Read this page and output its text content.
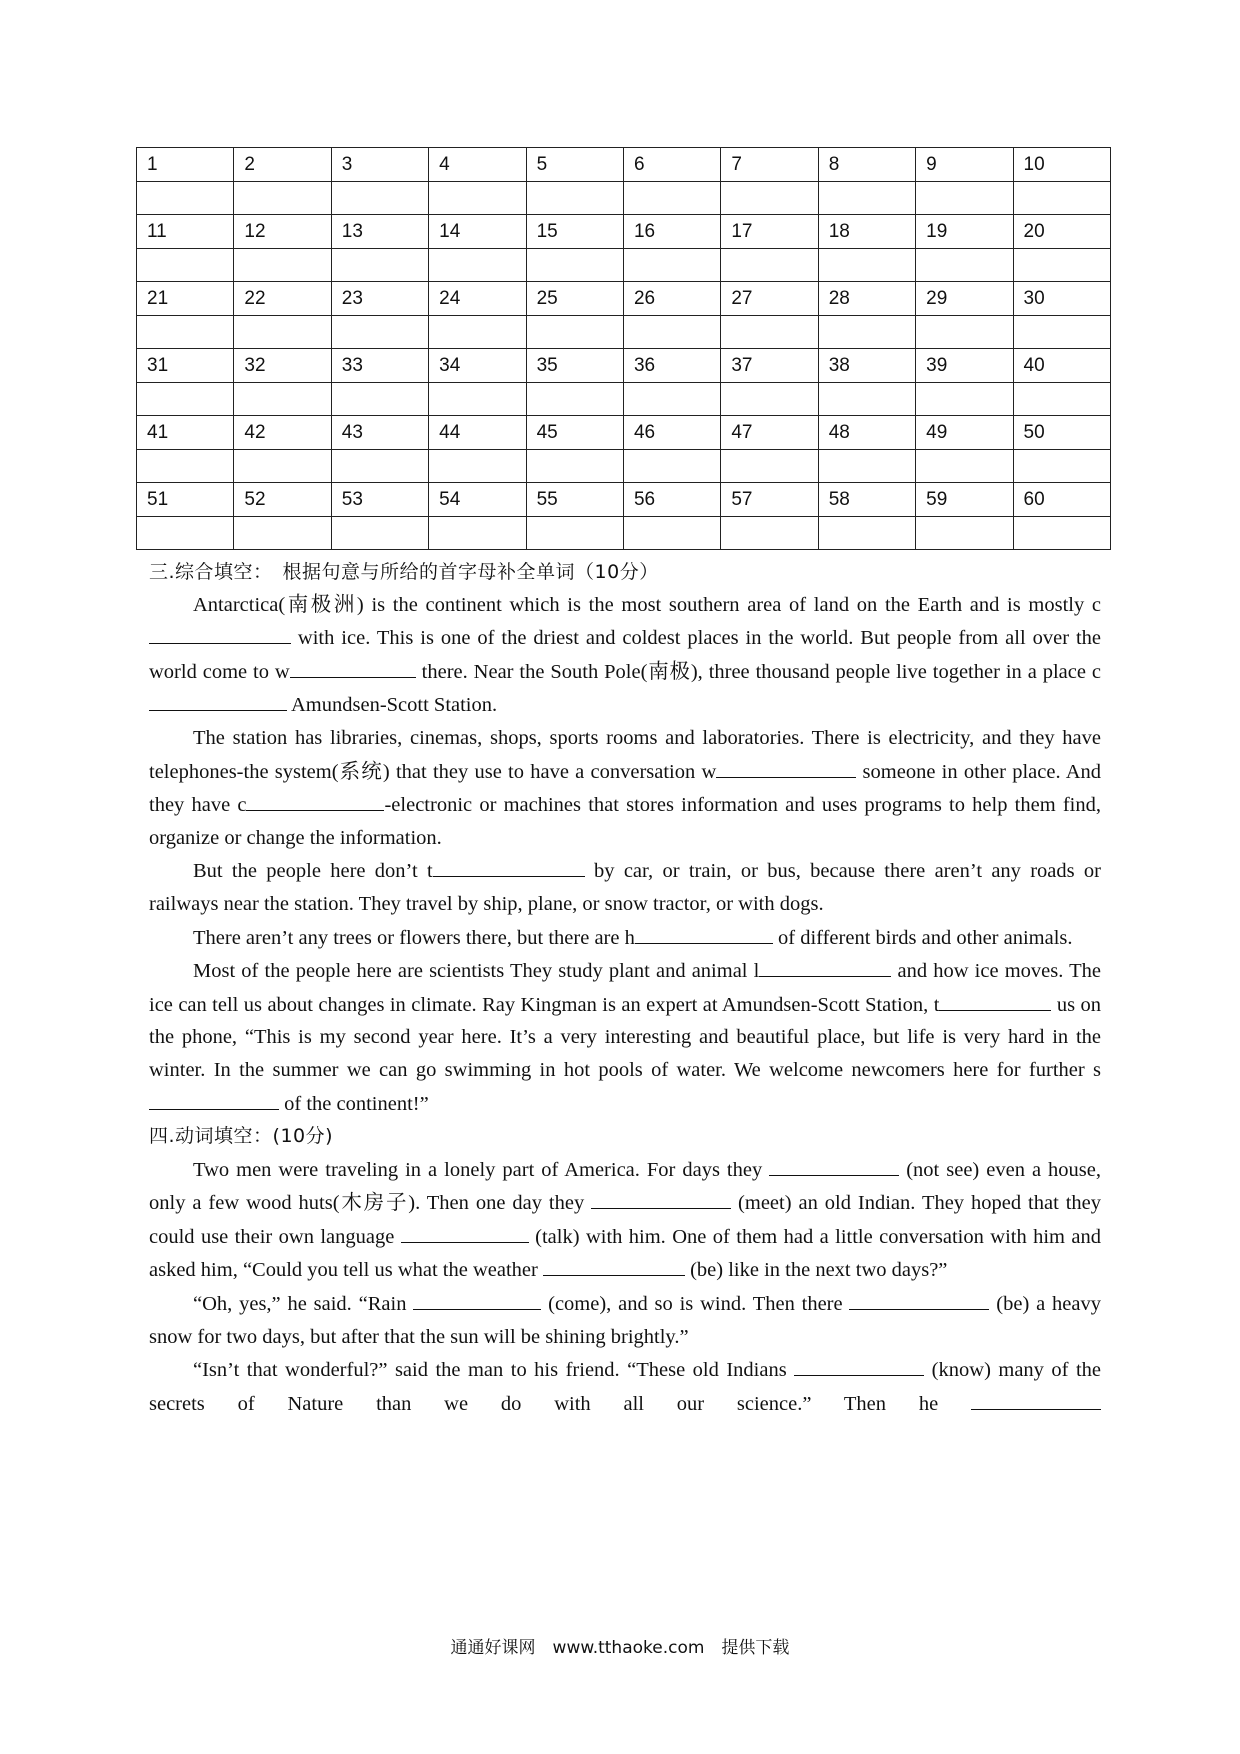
1	2	3	4	5	6	7	8	9	10

11	12	13	14	15	16	17	18	19	20

21	22	23	24	25	26	27	28	29	30

31	32	33	34	35	36	37	38	39	40

41	42	43	44	45	46	47	48	49	50

51	52	53	54	55	56	57	58	59	60

三.综合填空：　根据句意与所给的首字母补全单词（10分）

Antarctica(南极洲) is the continent which is the most southern area of land on the Earth and is mostly c with ice. This is one of the driest and coldest places in the world. But people from all over the world come to w	there. Near the South Pole(南极), three thousand people live together in a place c Amundsen-Scott Station.

The station has libraries, cinemas, shops, sports rooms and laboratories. There is electricity, and they have telephones-the system(系统) that they use to have a conversation w	someone in other place. And they have c	-electronic or machines that stores information and uses programs to help them find, organize or change the information.

But the people here don’t t	by car, or train, or bus, because there aren’t any roads or railways near the station. They travel by ship, plane, or snow tractor, or with dogs.

There aren’t any trees or flowers there, but there are h	of different birds and other animals.

Most of the people here are scientists They study plant and animal l	and how ice moves. The ice can tell us about changes in climate. Ray Kingman is an expert at Amundsen-Scott Station, t	us on the phone, “This is my second year here. It’s a very interesting and beautiful place, but life is very hard in the winter. In the summer we can go swimming in hot pools of water. We welcome newcomers here for further s of the continent!”

四.动词填空：(10分)

Two men were traveling in a lonely part of America. For days they	(not see) even a house, only a few wood huts(木房子). Then one day they	(meet) an old Indian. They hoped that they could use their own language	(talk) with him. One of them had a little conversation with him and asked him, “Could you tell us what the weather	(be) like in the next two days?”

“Oh, yes,” he said. “Rain	(come), and so is wind. Then there	(be) a heavy snow for two days, but after that the sun will be shining brightly.”

“Isn’t that wonderful?” said the man to his friend. “These old Indians	(know) many of the secrets of Nature than we do with all our science.” Then he

通通好课网　www.tthaoke.com　提供下载
